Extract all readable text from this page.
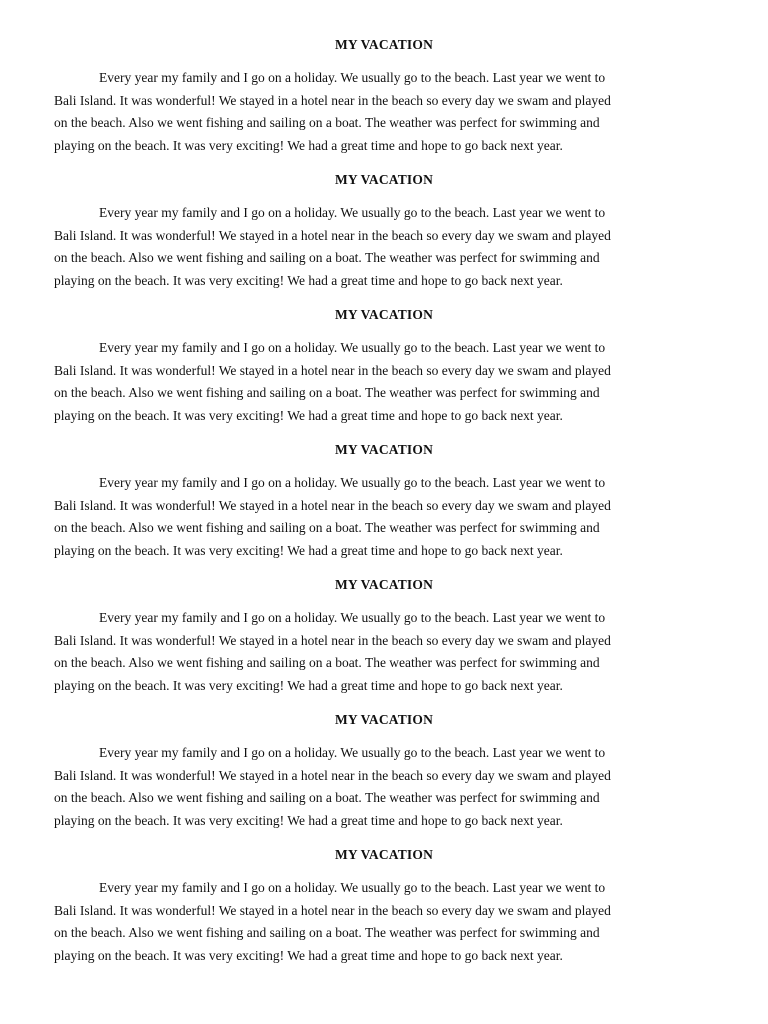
MY VACATION

Every year my family and I go on a holiday. We usually go to the beach. Last year we went to
Bali Island. It was wonderful! We stayed in a hotel near in the beach so every day we swam and played
on the beach. Also we went fishing and sailing on a boat. The weather was perfect for swimming and
playing on the beach. It was very exciting! We had a great time and hope to go back next year.

MY VACATION

Every year my family and I go on a holiday. We usually go to the beach. Last year we went to
Bali Island. It was wonderful! We stayed in a hotel near in the beach so every day we swam and played
on the beach. Also we went fishing and sailing on a boat. The weather was perfect for swimming and
playing on the beach. It was very exciting! We had a great time and hope to go back next year.

MY VACATION

Every year my family and I go on a holiday. We usually go to the beach. Last year we went to
Bali Island. It was wonderful! We stayed in a hotel near in the beach so every day we swam and played
on the beach. Also we went fishing and sailing on a boat. The weather was perfect for swimming and
playing on the beach. It was very exciting! We had a great time and hope to go back next year.

MY VACATION

Every year my family and I go on a holiday. We usually go to the beach. Last year we went to
Bali Island. It was wonderful! We stayed in a hotel near in the beach so every day we swam and played
on the beach. Also we went fishing and sailing on a boat. The weather was perfect for swimming and
playing on the beach. It was very exciting! We had a great time and hope to go back next year.

MY VACATION

Every year my family and I go on a holiday. We usually go to the beach. Last year we went to
Bali Island. It was wonderful! We stayed in a hotel near in the beach so every day we swam and played
on the beach. Also we went fishing and sailing on a boat. The weather was perfect for swimming and
playing on the beach. It was very exciting! We had a great time and hope to go back next year.

MY VACATION

Every year my family and I go on a holiday. We usually go to the beach. Last year we went to
Bali Island. It was wonderful! We stayed in a hotel near in the beach so every day we swam and played
on the beach. Also we went fishing and sailing on a boat. The weather was perfect for swimming and
playing on the beach. It was very exciting! We had a great time and hope to go back next year.

MY VACATION

Every year my family and I go on a holiday. We usually go to the beach. Last year we went to
Bali Island. It was wonderful! We stayed in a hotel near in the beach so every day we swam and played
on the beach. Also we went fishing and sailing on a boat. The weather was perfect for swimming and
playing on the beach. It was very exciting! We had a great time and hope to go back next year.
